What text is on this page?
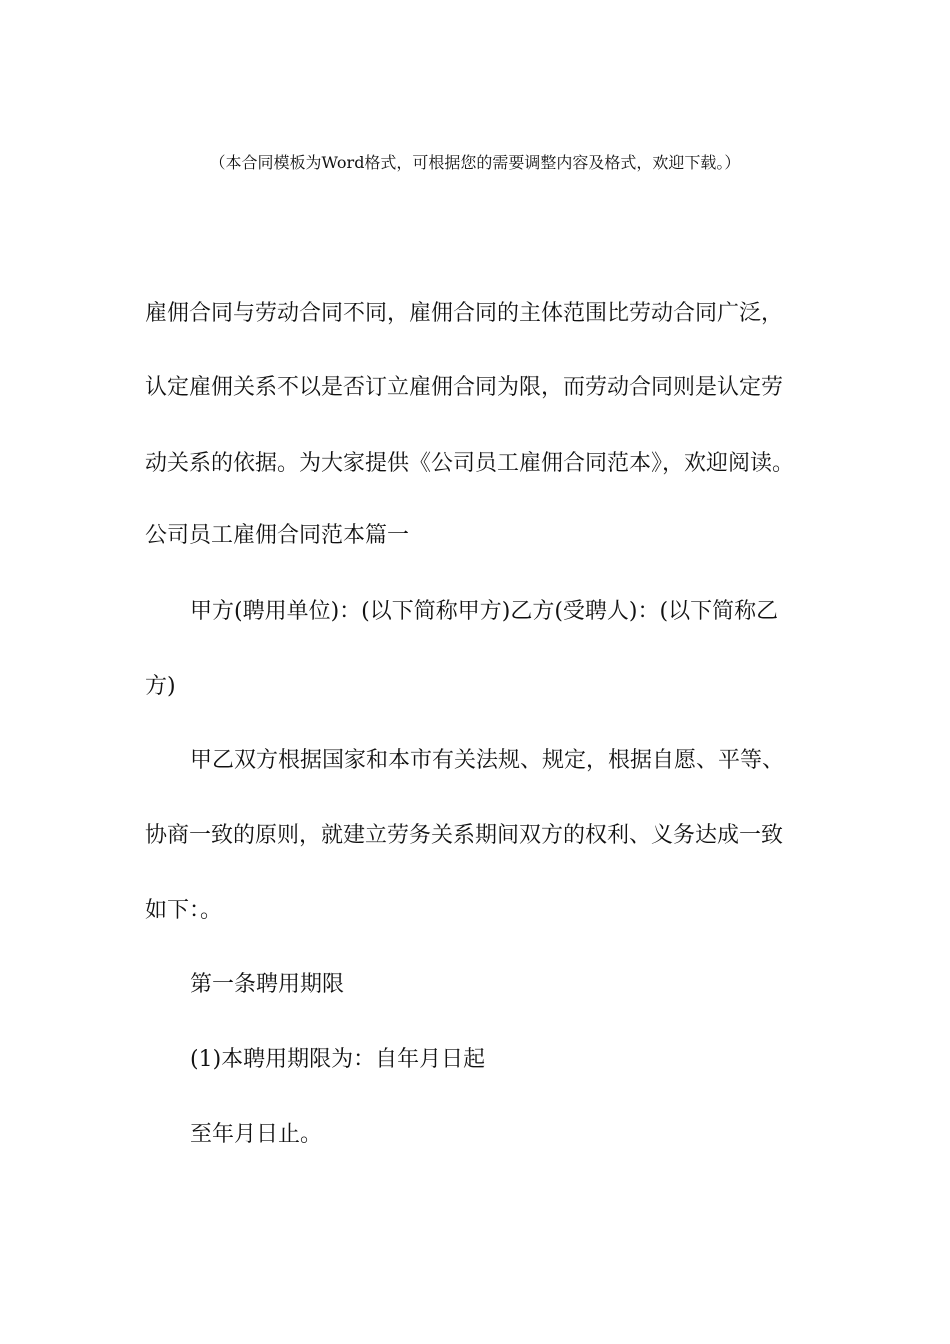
（本合同模板为Word格式，可根据您的需要调整内容及格式，欢迎下载。）
雇佣合同与劳动合同不同，雇佣合同的主体范围比劳动合同广泛，
认定雇佣关系不以是否订立雇佣合同为限，而劳动合同则是认定劳
动关系的依据。为大家提供《公司员工雇佣合同范本》，欢迎阅读。
公司员工雇佣合同范本篇一
甲方(聘用单位)：(以下简称甲方)乙方(受聘人)：(以下简称乙
方)
甲乙双方根据国家和本市有关法规、规定，根据自愿、平等、
协商一致的原则，就建立劳务关系期间双方的权利、义务达成一致
如下：。
第一条聘用期限
(1)本聘用期限为：自年月日起
至年月日止。
